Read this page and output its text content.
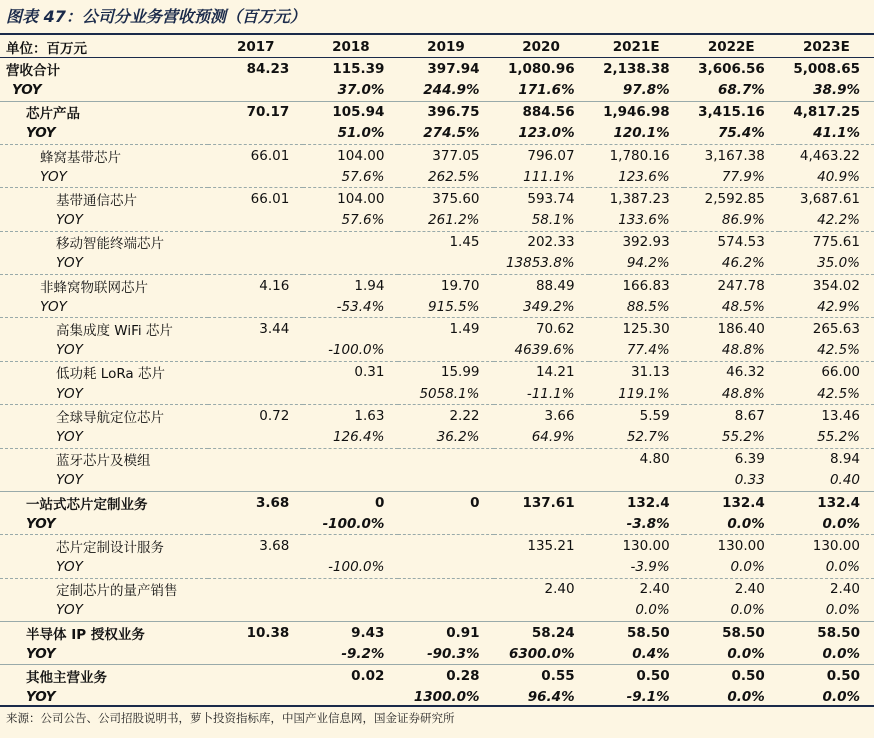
图表 47：公司分业务营收预测（百万元）
单位：百万元	2017	2018	2019	2020	2021E	2022E	2023E
营收合计	84.23	115.39	397.94	1,080.96	2,138.38	3,606.56	5,008.65
YOY		37.0%	244.9%	171.6%	97.8%	68.7%	38.9%
芯片产品	70.17	105.94	396.75	884.56	1,946.98	3,415.16	4,817.25
YOY		51.0%	274.5%	123.0%	120.1%	75.4%	41.1%
蜂窝基带芯片	66.01	104.00	377.05	796.07	1,780.16	3,167.38	4,463.22
YOY		57.6%	262.5%	111.1%	123.6%	77.9%	40.9%
基带通信芯片	66.01	104.00	375.60	593.74	1,387.23	2,592.85	3,687.61
YOY		57.6%	261.2%	58.1%	133.6%	86.9%	42.2%
移动智能终端芯片			1.45	202.33	392.93	574.53	775.61
YOY				13853.8%	94.2%	46.2%	35.0%
非蜂窝物联网芯片	4.16	1.94	19.70	88.49	166.83	247.78	354.02
YOY		-53.4%	915.5%	349.2%	88.5%	48.5%	42.9%
高集成度 WiFi 芯片	3.44		1.49	70.62	125.30	186.40	265.63
YOY		-100.0%		4639.6%	77.4%	48.8%	42.5%
低功耗 LoRa 芯片		0.31	15.99	14.21	31.13	46.32	66.00
YOY			5058.1%	-11.1%	119.1%	48.8%	42.5%
全球导航定位芯片	0.72	1.63	2.22	3.66	5.59	8.67	13.46
YOY		126.4%	36.2%	64.9%	52.7%	55.2%	55.2%
蓝牙芯片及模组					4.80	6.39	8.94
YOY						0.33	0.40
一站式芯片定制业务	3.68	0	0	137.61	132.4	132.4	132.4
YOY		-100.0%			-3.8%	0.0%	0.0%
芯片定制设计服务	3.68			135.21	130.00	130.00	130.00
YOY		-100.0%			-3.9%	0.0%	0.0%
定制芯片的量产销售				2.40	2.40	2.40	2.40
YOY					0.0%	0.0%	0.0%
半导体 IP 授权业务	10.38	9.43	0.91	58.24	58.50	58.50	58.50
YOY		-9.2%	-90.3%	6300.0%	0.4%	0.0%	0.0%
其他主营业务		0.02	0.28	0.55	0.50	0.50	0.50
YOY			1300.0%	96.4%	-9.1%	0.0%	0.0%
来源：公司公告、公司招股说明书，萝卜投资指标库，中国产业信息网，国金证券研究所
